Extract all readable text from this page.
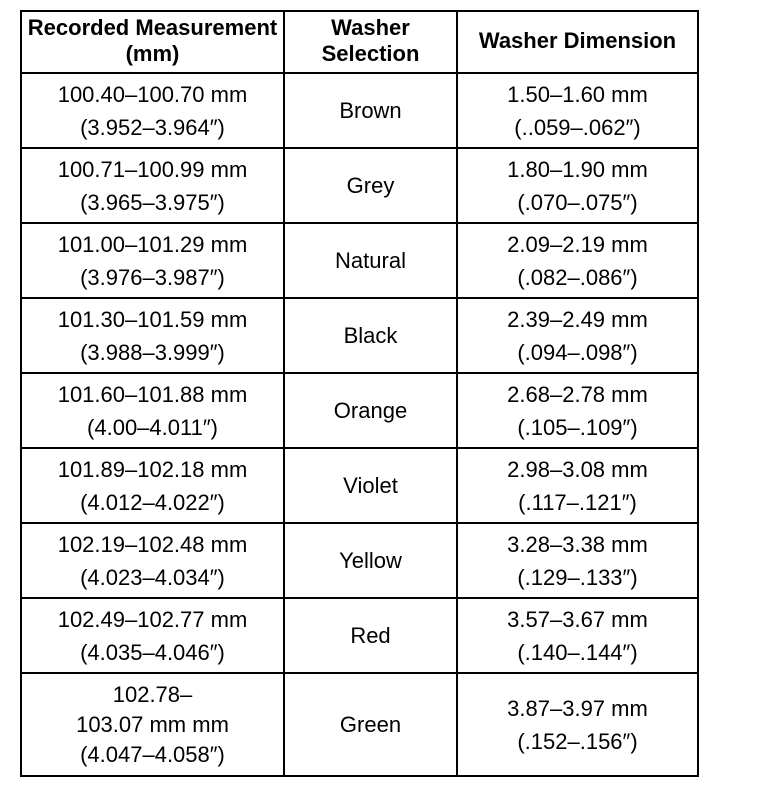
Recorded Measurement (mm)	Washer Selection	Washer Dimension

100.40–100.70 mm
(3.952–3.964″)	Brown	1.50–1.60 mm
(..059–.062″)

100.71–100.99 mm
(3.965–3.975″)	Grey	1.80–1.90 mm
(.070–.075″)

101.00–101.29 mm
(3.976–3.987″)	Natural	2.09–2.19 mm
(.082–.086″)

101.30–101.59 mm
(3.988–3.999″)	Black	2.39–2.49 mm
(.094–.098″)

101.60–101.88 mm
(4.00–4.011″)	Orange	2.68–2.78 mm
(.105–.109″)

101.89–102.18 mm
(4.012–4.022″)	Violet	2.98–3.08 mm
(.117–.121″)

102.19–102.48 mm
(4.023–4.034″)	Yellow	3.28–3.38 mm
(.129–.133″)

102.49–102.77 mm
(4.035–4.046″)	Red	3.57–3.67 mm
(.140–.144″)

102.78–
103.07 mm mm
(4.047–4.058″)	Green	3.87–3.97 mm
(.152–.156″)
